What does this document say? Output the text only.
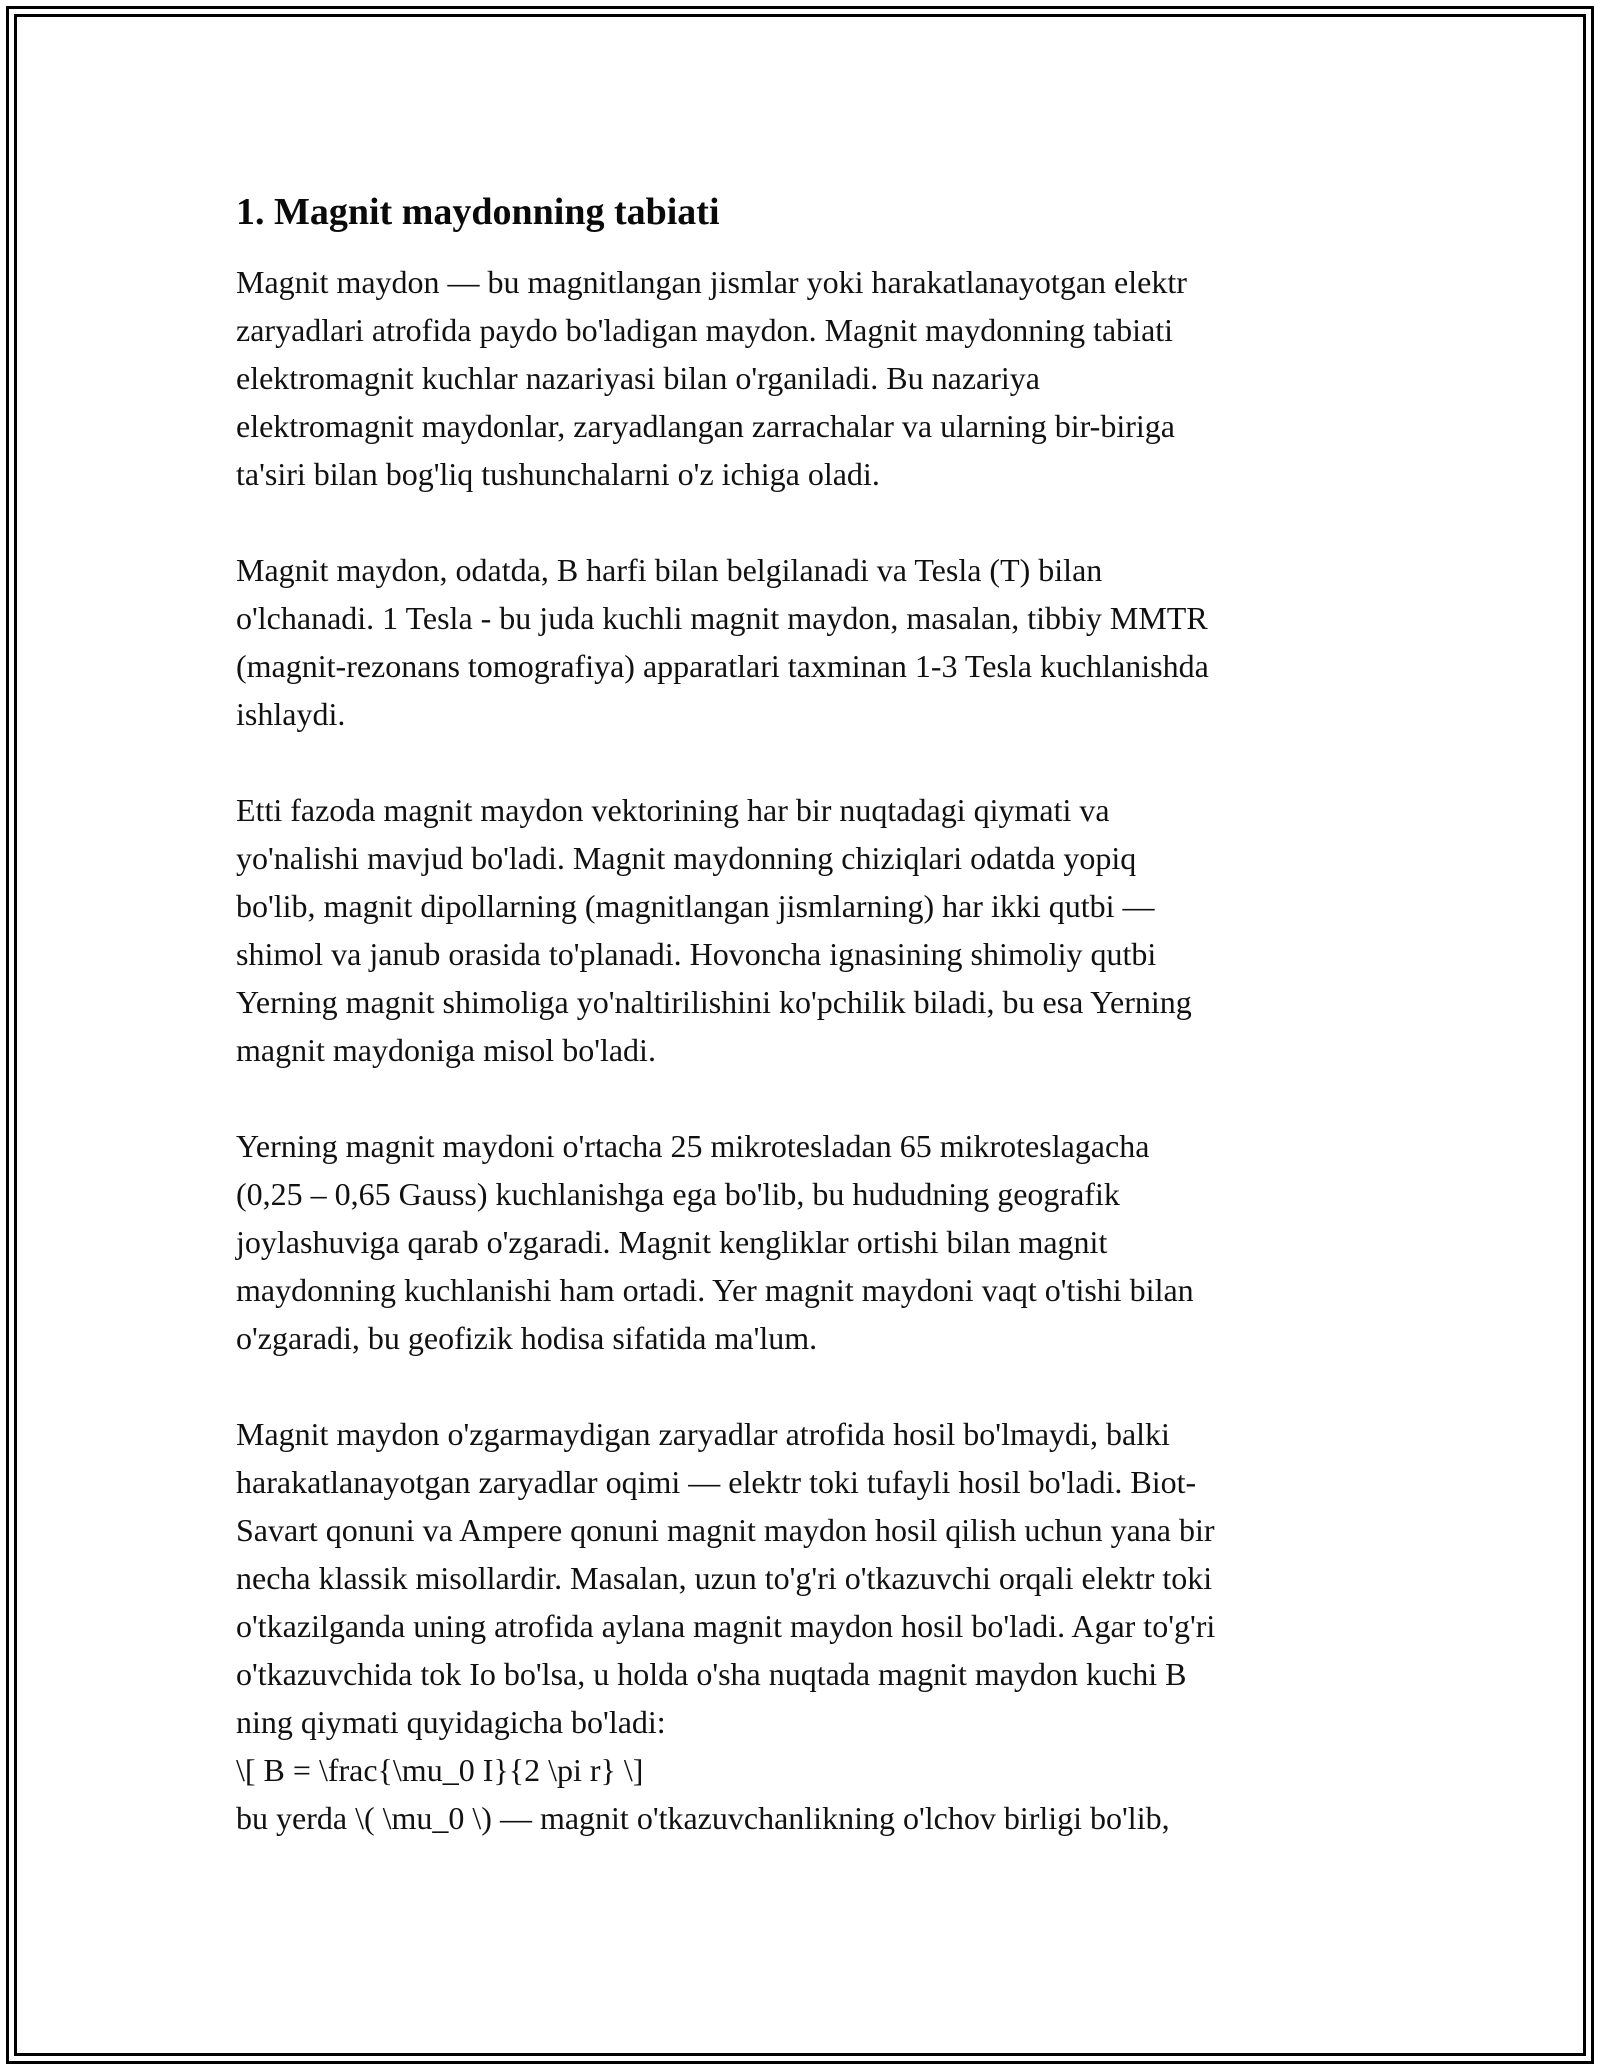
1. Magnit maydonning tabiati

Magnit maydon — bu magnitlangan jismlar yoki harakatlanayotgan elektr
zaryadlari atrofida paydo bo'ladigan maydon. Magnit maydonning tabiati
elektromagnit kuchlar nazariyasi bilan o'rganiladi. Bu nazariya
elektromagnit maydonlar, zaryadlangan zarrachalar va ularning bir-biriga
ta'siri bilan bog'liq tushunchalarni o'z ichiga oladi.

Magnit maydon, odatda, B harfi bilan belgilanadi va Tesla (T) bilan
o'lchanadi. 1 Tesla - bu juda kuchli magnit maydon, masalan, tibbiy MMTR
(magnit-rezonans tomografiya) apparatlari taxminan 1-3 Tesla kuchlanishda
ishlaydi.

Etti fazoda magnit maydon vektorining har bir nuqtadagi qiymati va
yo'nalishi mavjud bo'ladi. Magnit maydonning chiziqlari odatda yopiq
bo'lib, magnit dipollarning (magnitlangan jismlarning) har ikki qutbi —
shimol va janub orasida to'planadi. Hovoncha ignasining shimoliy qutbi
Yerning magnit shimoliga yo'naltirilishini ko'pchilik biladi, bu esa Yerning
magnit maydoniga misol bo'ladi.

Yerning magnit maydoni o'rtacha 25 mikrotesladan 65 mikroteslagacha
(0,25 – 0,65 Gauss) kuchlanishga ega bo'lib, bu hududning geografik
joylashuviga qarab o'zgaradi. Magnit kengliklar ortishi bilan magnit
maydonning kuchlanishi ham ortadi. Yer magnit maydoni vaqt o'tishi bilan
o'zgaradi, bu geofizik hodisa sifatida ma'lum.

Magnit maydon o'zgarmaydigan zaryadlar atrofida hosil bo'lmaydi, balki
harakatlanayotgan zaryadlar oqimi — elektr toki tufayli hosil bo'ladi. Biot-
Savart qonuni va Ampere qonuni magnit maydon hosil qilish uchun yana bir
necha klassik misollardir. Masalan, uzun to'g'ri o'tkazuvchi orqali elektr toki
o'tkazilganda uning atrofida aylana magnit maydon hosil bo'ladi. Agar to'g'ri
o'tkazuvchida tok Io bo'lsa, u holda o'sha nuqtada magnit maydon kuchi B
ning qiymati quyidagicha bo'ladi:
\[ B = \frac{\mu_0 I}{2 \pi r} \]
bu yerda \( \mu_0 \) — magnit o'tkazuvchanlikning o'lchov birligi bo'lib,
